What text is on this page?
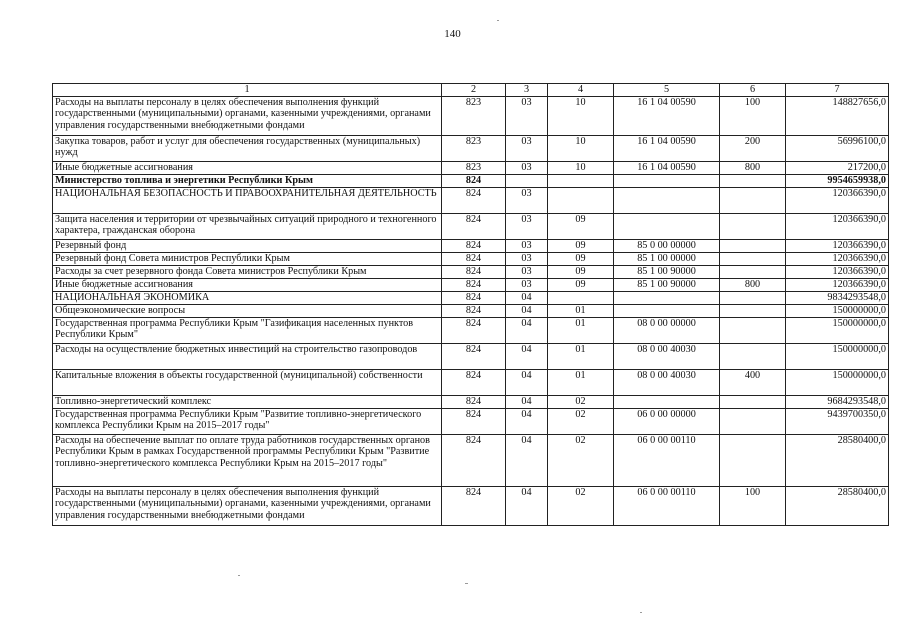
140
1	2	3	4	5	6	7
Расходы на выплаты персоналу в целях обеспечения выполнения функций государственными (муниципальными) органами, казенными учреждениями, органами управления государственными внебюджетными фондами	823	03	10	16 1 04 00590	100	148827656,0
Закупка товаров, работ и услуг для обеспечения государственных (муниципальных) нужд	823	03	10	16 1 04 00590	200	56996100,0
Иные бюджетные ассигнования	823	03	10	16 1 04 00590	800	217200,0
Министерство топлива и энергетики Республики Крым	824					9954659938,0
НАЦИОНАЛЬНАЯ БЕЗОПАСНОСТЬ И ПРАВООХРАНИТЕЛЬНАЯ ДЕЯТЕЛЬНОСТЬ	824	03				120366390,0
Защита населения и территории от чрезвычайных ситуаций природного и техногенного характера, гражданская оборона	824	03	09			120366390,0
Резервный фонд	824	03	09	85 0 00 00000		120366390,0
Резервный фонд Совета министров Республики Крым	824	03	09	85 1 00 00000		120366390,0
Расходы за счет резервного фонда Совета министров Республики Крым	824	03	09	85 1 00 90000		120366390,0
Иные бюджетные ассигнования	824	03	09	85 1 00 90000	800	120366390,0
НАЦИОНАЛЬНАЯ ЭКОНОМИКА	824	04				9834293548,0
Общеэкономические вопросы	824	04	01			150000000,0
Государственная программа Республики Крым "Газификация населенных пунктов Республики Крым"	824	04	01	08 0 00 00000		150000000,0
Расходы на осуществление бюджетных инвестиций на строительство газопроводов	824	04	01	08 0 00 40030		150000000,0
Капитальные вложения в объекты государственной (муниципальной) собственности	824	04	01	08 0 00 40030	400	150000000,0
Топливно-энергетический комплекс	824	04	02			9684293548,0
Государственная программа Республики Крым "Развитие топливно-энергетического комплекса Республики Крым на 2015–2017 годы"	824	04	02	06 0 00 00000		9439700350,0
Расходы на обеспечение выплат по оплате труда работников государственных органов Республики Крым в рамках Государственной программы Республики Крым "Развитие топливно-энергетического комплекса Республики Крым на 2015–2017 годы"	824	04	02	06 0 00 00110		28580400,0
Расходы на выплаты персоналу в целях обеспечения выполнения функций государственными (муниципальными) органами, казенными учреждениями, органами управления государственными внебюджетными фондами	824	04	02	06 0 00 00110	100	28580400,0
